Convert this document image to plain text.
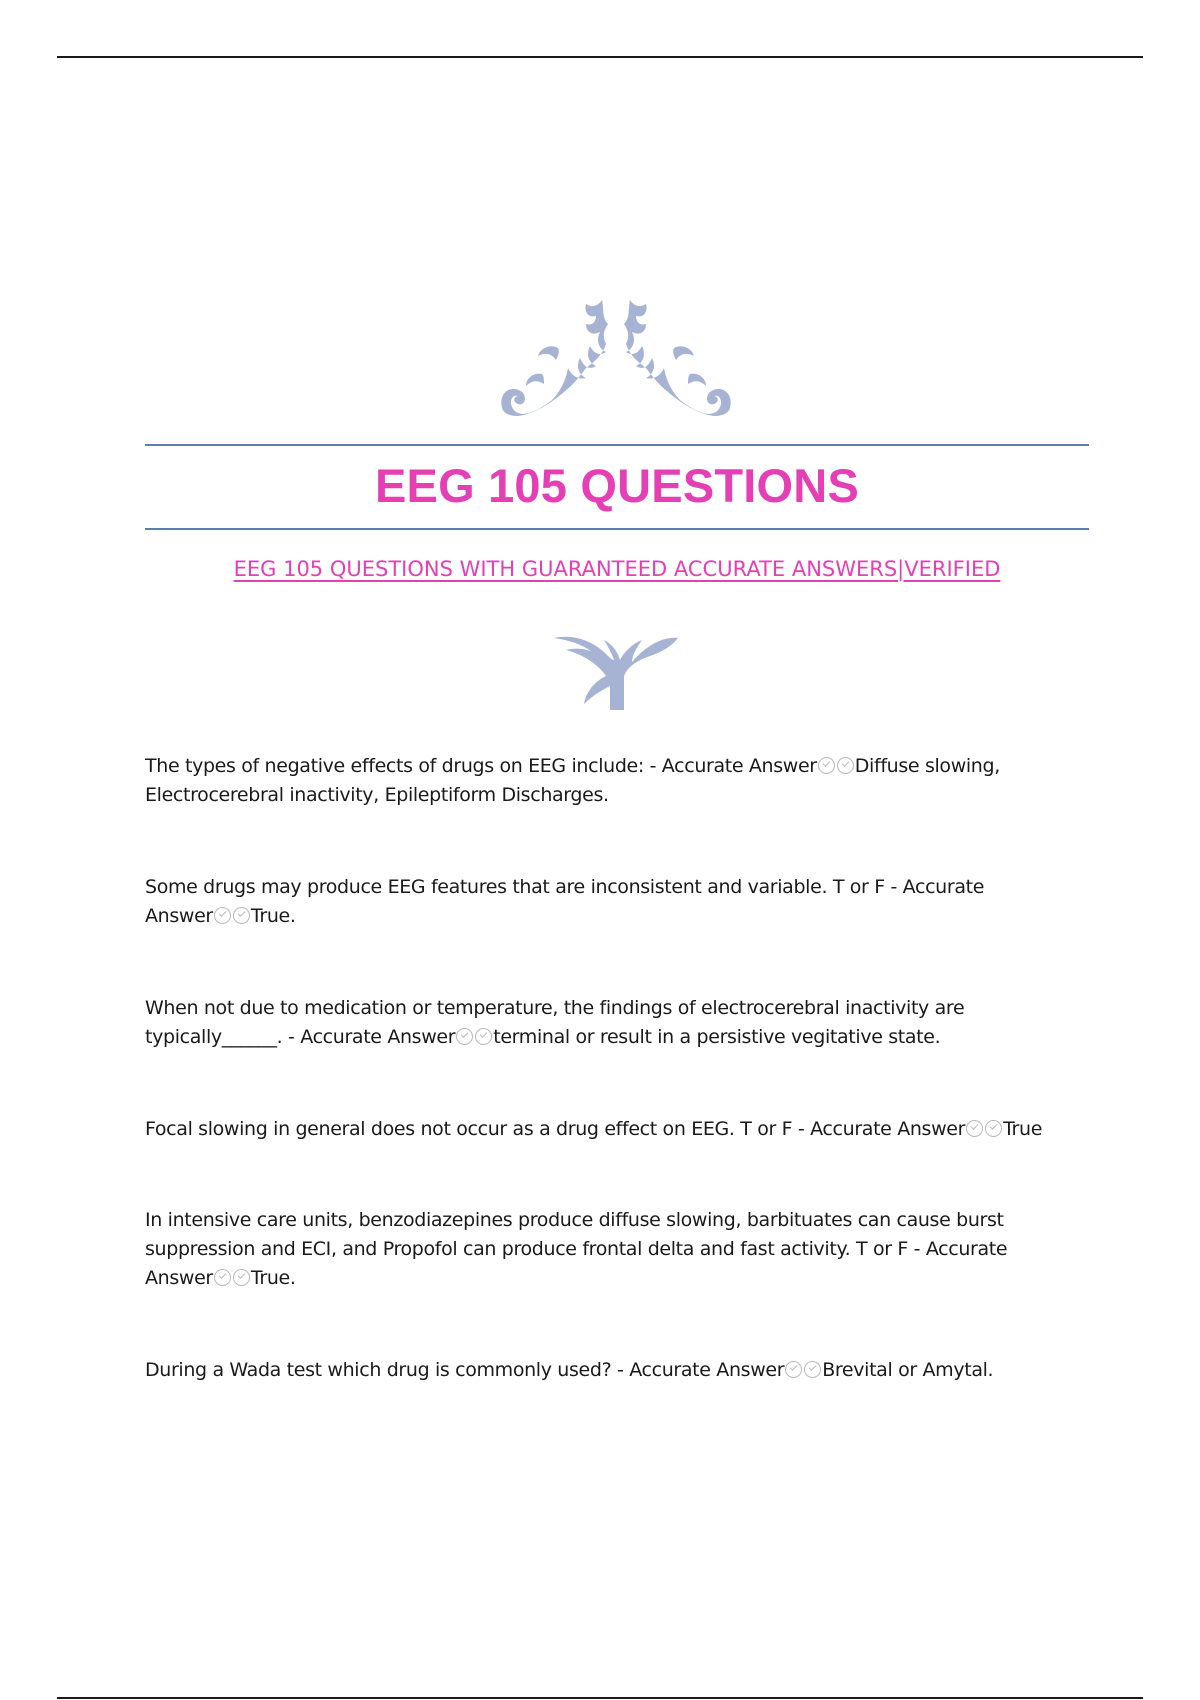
EEG 105 QUESTIONS

EEG 105 QUESTIONS WITH GUARANTEED ACCURATE ANSWERS|VERIFIED

The types of negative effects of drugs on EEG include: - Accurate Answer Diffuse slowing, Electrocerebral inactivity, Epileptiform Discharges.

Some drugs may produce EEG features that are inconsistent and variable. T or F - Accurate Answer True.

When not due to medication or temperature, the findings of electrocerebral inactivity are typically______. - Accurate Answer terminal or result in a persistive vegitative state.

Focal slowing in general does not occur as a drug effect on EEG. T or F - Accurate Answer True

In intensive care units, benzodiazepines produce diffuse slowing, barbituates can cause burst suppression and ECI, and Propofol can produce frontal delta and fast activity. T or F - Accurate Answer True.

During a Wada test which drug is commonly used? - Accurate Answer Brevital or Amytal.
